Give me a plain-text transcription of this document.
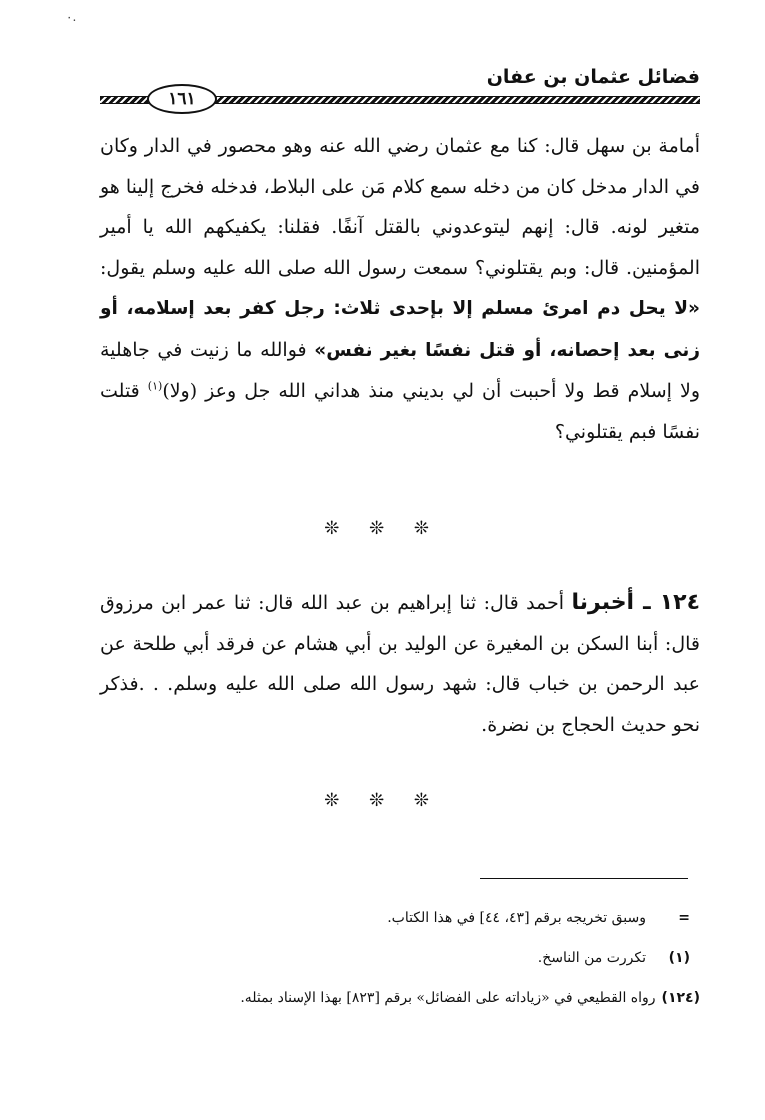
٠.
فضائل عثمان بن عفان
١٦١
أمامة بن سهل قال: كنا مع عثمان رضي الله عنه وهو محصور في الدار وكان في الدار مدخل كان من دخله سمع كلام مَن على البلاط، فدخله فخرج إلينا هو متغير لونه. قال: إنهم ليتوعدوني بالقتل آنفًا. فقلنا: يكفيكهم الله يا أمير المؤمنين. قال: وبم يقتلوني؟ سمعت رسول الله صلى الله عليه وسلم يقول: «لا يحل دم امرئ مسلم إلا بإحدى ثلاث: رجل كفر بعد إسلامه، أو زنى بعد إحصانه، أو قتل نفسًا بغير نفس» فوالله ما زنيت في جاهلية ولا إسلام قط ولا أحببت أن لي بديني منذ هداني الله جل وعز (ولا)$^{(١)}$ قتلت نفسًا فبم يقتلوني؟
❊ ❊ ❊
١٢٤ ـ أخبرنا أحمد قال: ثنا إبراهيم بن عبد الله قال: ثنا عمر ابن مرزوق قال: أبنا السكن بن المغيرة عن الوليد بن أبي هشام عن فرقد أبي طلحة عن عبد الرحمن بن خباب قال: شهد رسول الله صلى الله عليه وسلم. . .فذكر نحو حديث الحجاج بن نضرة.
❊ ❊ ❊
=وسبق تخريجه برقم [٤٣، ٤٤] في هذا الكتاب.
(١)تكررت من الناسخ.
(١٢٤)رواه القطيعي في «زياداته على الفضائل» برقم [٨٢٣] بهذا الإسناد بمثله.
